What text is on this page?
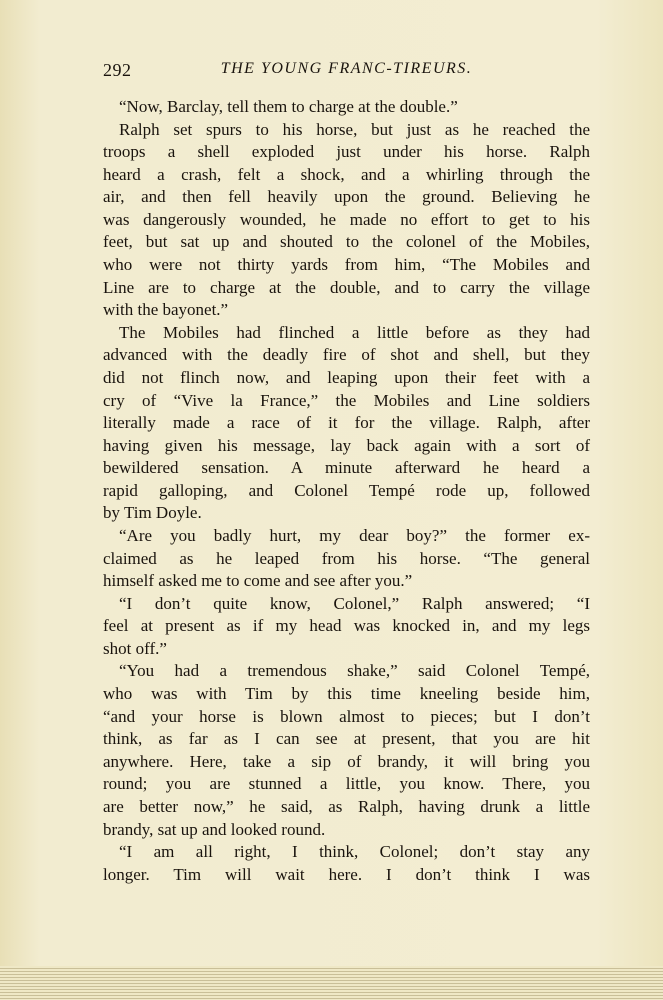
292	THE YOUNG FRANC-TIREURS.
“Now, Barclay, tell them to charge at the double.”
Ralph set spurs to his horse, but just as he reached the
troops a shell exploded just under his horse. Ralph
heard a crash, felt a shock, and a whirling through the
air, and then fell heavily upon the ground. Believing he
was dangerously wounded, he made no effort to get to his
feet, but sat up and shouted to the colonel of the Mobiles,
who were not thirty yards from him, “The Mobiles and
Line are to charge at the double, and to carry the village
with the bayonet.”
The Mobiles had flinched a little before as they had
advanced with the deadly fire of shot and shell, but they
did not flinch now, and leaping upon their feet with a
cry of “Vive la France,” the Mobiles and Line soldiers
literally made a race of it for the village. Ralph, after
having given his message, lay back again with a sort of
bewildered sensation. A minute afterward he heard a
rapid galloping, and Colonel Tempé rode up, followed
by Tim Doyle.
“Are you badly hurt, my dear boy?” the former ex-
claimed as he leaped from his horse. “The general
himself asked me to come and see after you.”
“I don’t quite know, Colonel,” Ralph answered; “I
feel at present as if my head was knocked in, and my legs
shot off.”
“You had a tremendous shake,” said Colonel Tempé,
who was with Tim by this time kneeling beside him,
“and your horse is blown almost to pieces; but I don’t
think, as far as I can see at present, that you are hit
anywhere. Here, take a sip of brandy, it will bring you
round; you are stunned a little, you know. There, you
are better now,” he said, as Ralph, having drunk a little
brandy, sat up and looked round.
“I am all right, I think, Colonel; don’t stay any
longer. Tim will wait here. I don’t think I was
